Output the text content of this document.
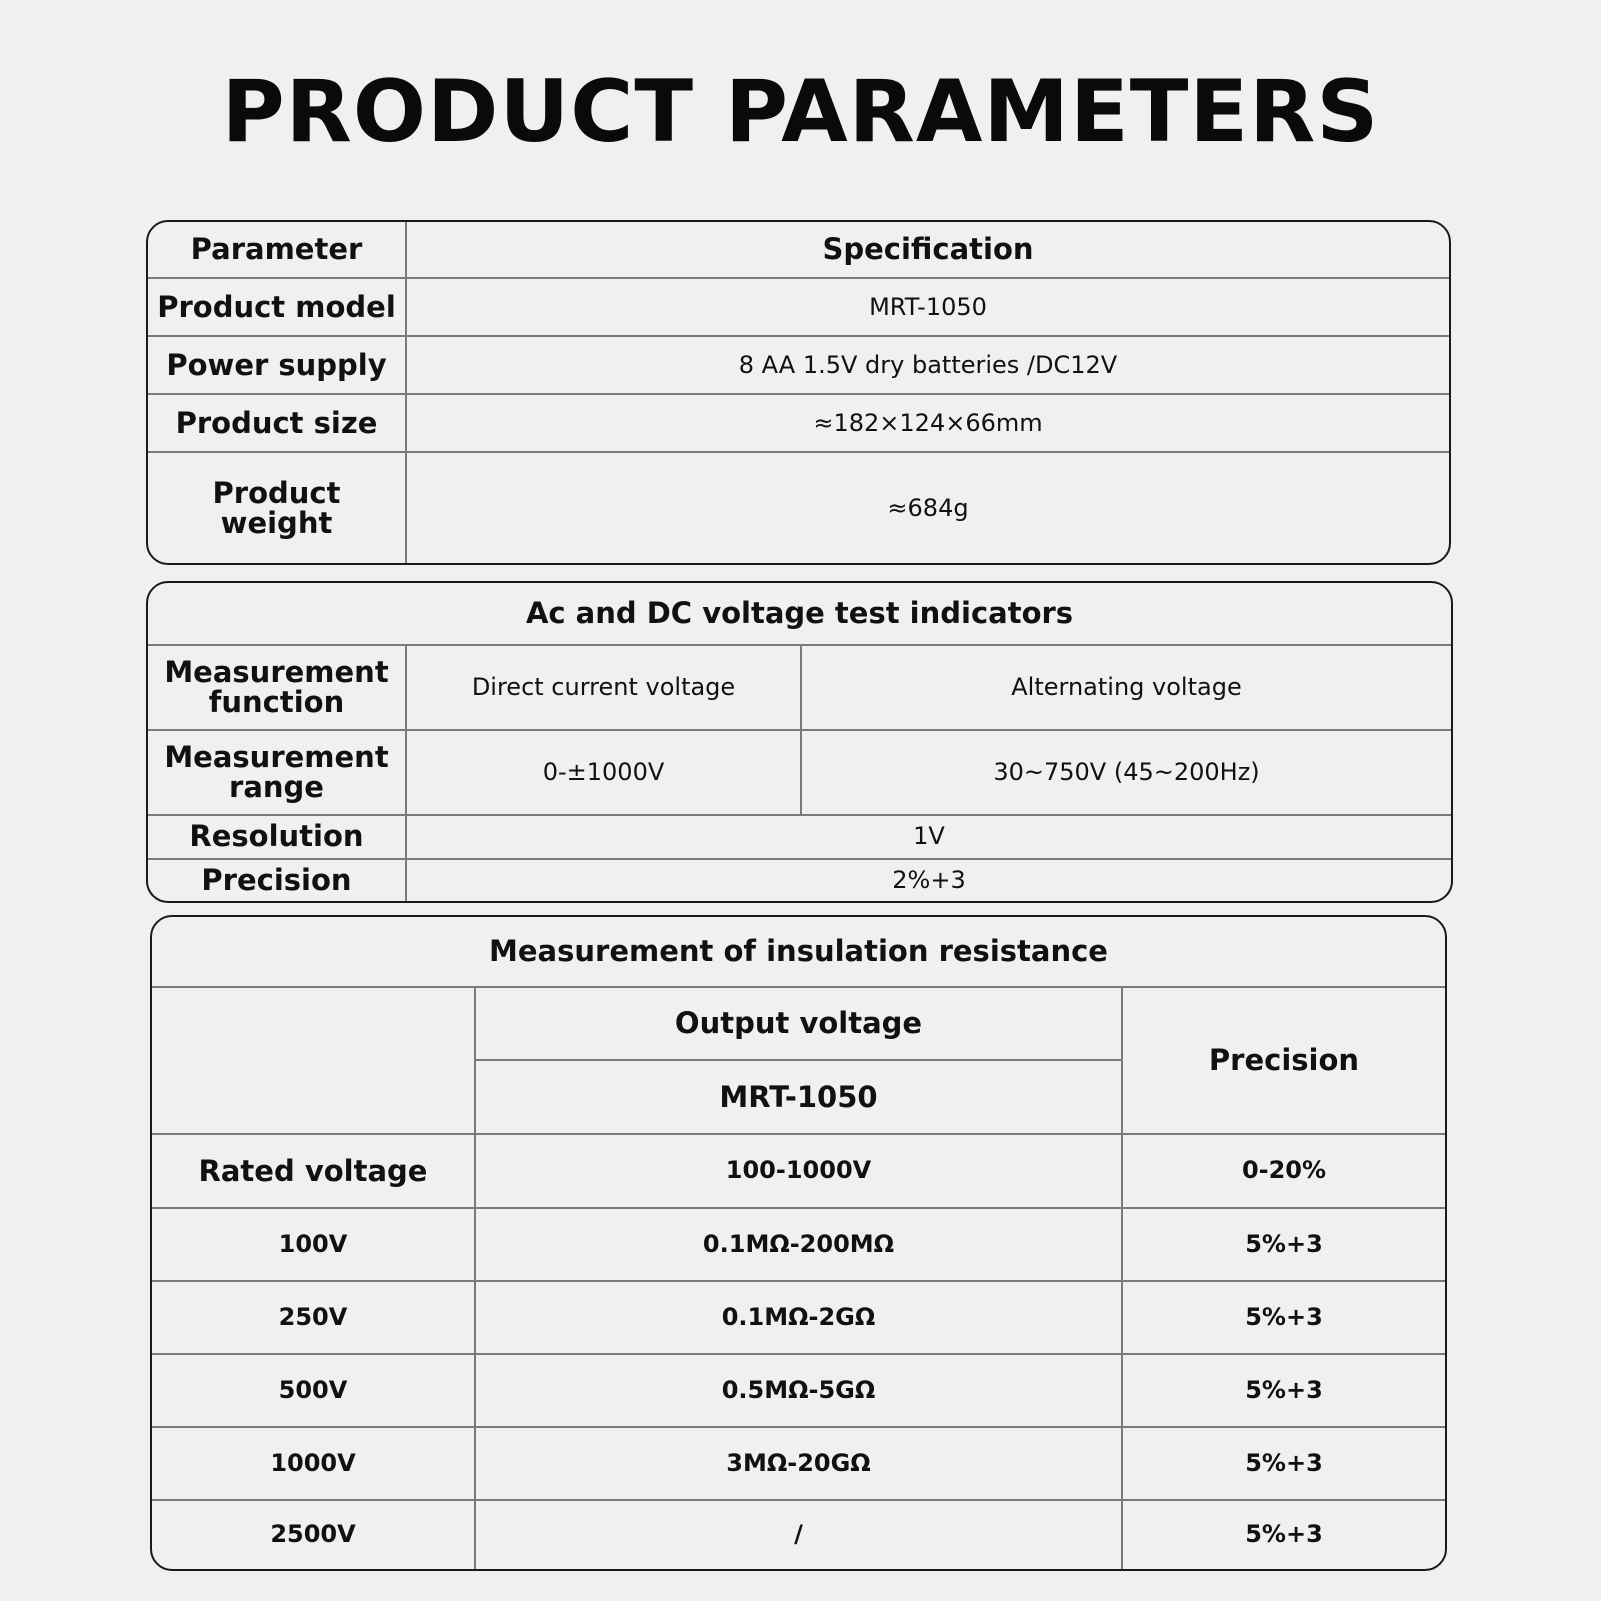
PRODUCT PARAMETERS
Parameter	Specification
Product model	MRT-1050
Power supply	8 AA 1.5V dry batteries /DC12V
Product size	≈182×124×66mm
Product weight	≈684g
Ac and DC voltage test indicators		
Measurement function	Direct current voltage	Alternating voltage
Measurement range	0-±1000V	30~750V (45~200Hz)
Resolution	1V	
Precision	2%+3	
Measurement of insulation resistance		
	Output voltage	Precision
	MRT-1050	
Rated voltage	100-1000V	0-20%
100V	0.1MΩ-200MΩ	5%+3
250V	0.1MΩ-2GΩ	5%+3
500V	0.5MΩ-5GΩ	5%+3
1000V	3MΩ-20GΩ	5%+3
2500V	/	5%+3
